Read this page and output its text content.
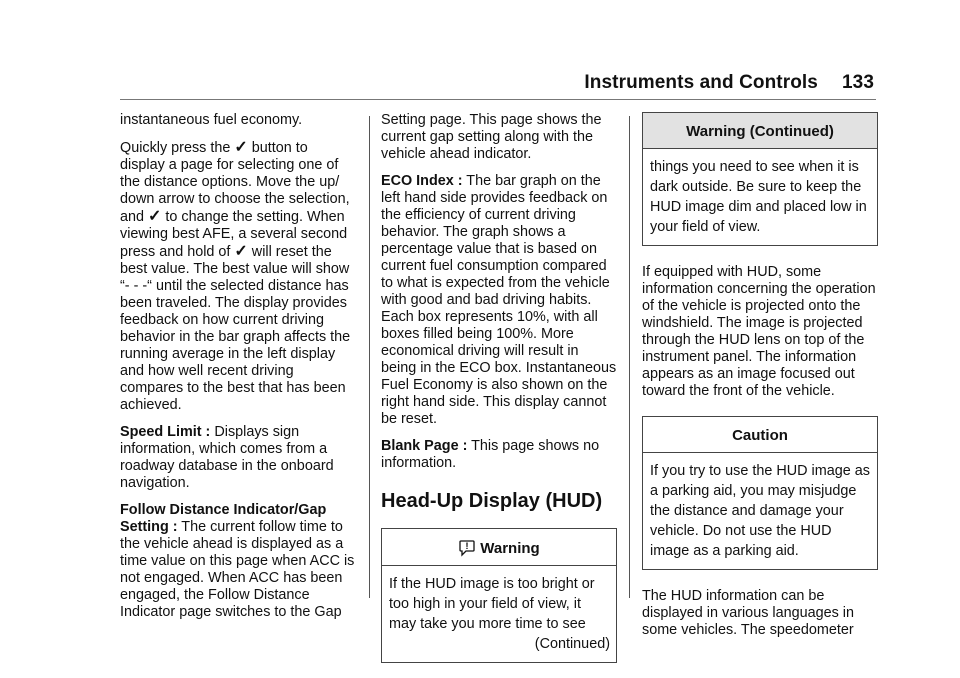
Instruments and Controls 133

instantaneous fuel economy.

Quickly press the ✓ button to
display a page for selecting one of
the distance options. Move the up/
down arrow to choose the selection,
and ✓ to change the setting. When
viewing best AFE, a several second
press and hold of ✓ will reset the
best value. The best value will show
“- - -“ until the selected distance has
been traveled. The display provides
feedback on how current driving
behavior in the bar graph affects the
running average in the left display
and how well recent driving
compares to the best that has been
achieved.

Speed Limit : Displays sign information, which comes from a roadway database in the onboard navigation.

Follow Distance Indicator/Gap Setting : The current follow time to the vehicle ahead is displayed as a time value on this page when ACC is not engaged. When ACC has been engaged, the Follow Distance Indicator page switches to the Gap

Setting page. This page shows the current gap setting along with the vehicle ahead indicator.

ECO Index : The bar graph on the left hand side provides feedback on the efficiency of current driving behavior. The graph shows a percentage value that is based on current fuel consumption compared to what is expected from the vehicle with good and bad driving habits. Each box represents 10%, with all boxes filled being 100%. More economical driving will result in being in the ECO box. Instantaneous Fuel Economy is also shown on the right hand side. This display cannot be reset.

Blank Page : This page shows no information.

Head-Up Display (HUD)
! Warning
If the HUD image is too bright or too high in your field of view, it may take you more time to see
(Continued)
Warning (Continued)
things you need to see when it is dark outside. Be sure to keep the HUD image dim and placed low in your field of view.

If equipped with HUD, some information concerning the operation of the vehicle is projected onto the windshield. The image is projected through the HUD lens on top of the instrument panel. The information appears as an image focused out toward the front of the vehicle.

Caution
If you try to use the HUD image as a parking aid, you may misjudge the distance and damage your vehicle. Do not use the HUD image as a parking aid.

The HUD information can be displayed in various languages in some vehicles. The speedometer
